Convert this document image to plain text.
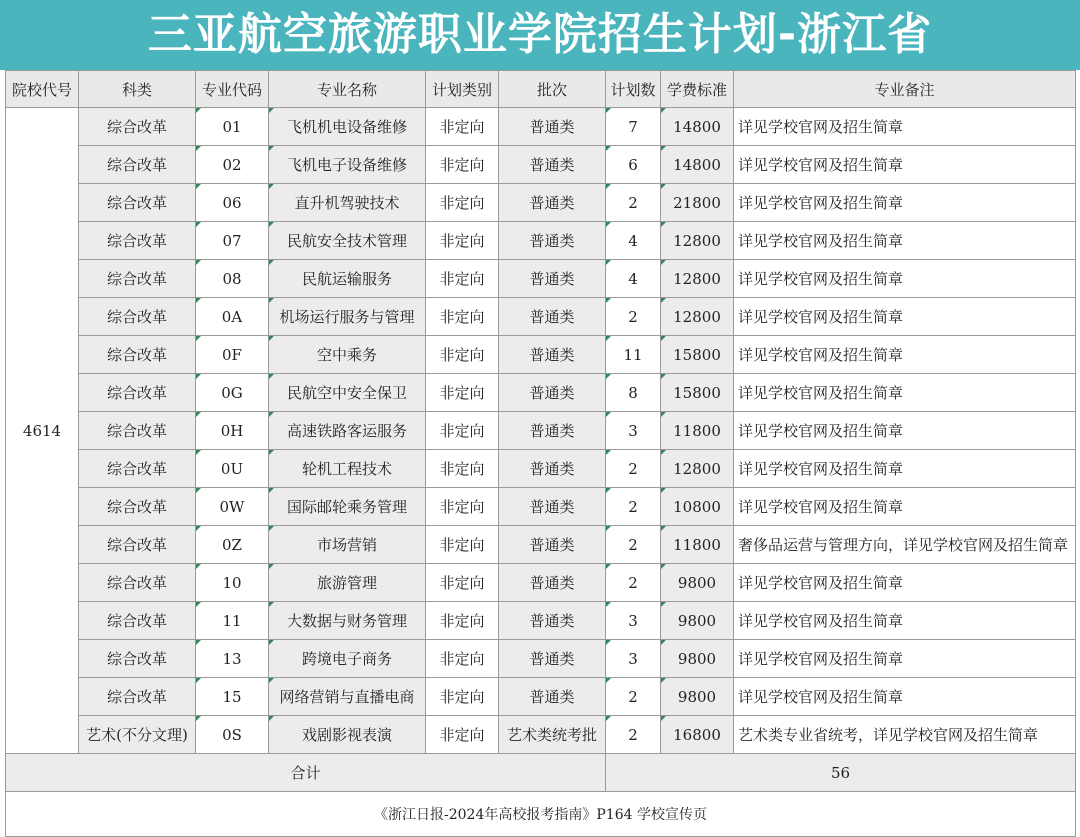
三亚航空旅游职业学院招生计划-浙江省
院校代号	科类	专业代码	专业名称	计划类别	批次	计划数	学费标准	专业备注
4614	综合改革	01	飞机机电设备维修	非定向	普通类	7	14800	详见学校官网及招生简章
	综合改革	02	飞机电子设备维修	非定向	普通类	6	14800	详见学校官网及招生简章
	综合改革	06	直升机驾驶技术	非定向	普通类	2	21800	详见学校官网及招生简章
	综合改革	07	民航安全技术管理	非定向	普通类	4	12800	详见学校官网及招生简章
	综合改革	08	民航运输服务	非定向	普通类	4	12800	详见学校官网及招生简章
	综合改革	0A	机场运行服务与管理	非定向	普通类	2	12800	详见学校官网及招生简章
	综合改革	0F	空中乘务	非定向	普通类	11	15800	详见学校官网及招生简章
	综合改革	0G	民航空中安全保卫	非定向	普通类	8	15800	详见学校官网及招生简章
	综合改革	0H	高速铁路客运服务	非定向	普通类	3	11800	详见学校官网及招生简章
	综合改革	0U	轮机工程技术	非定向	普通类	2	12800	详见学校官网及招生简章
	综合改革	0W	国际邮轮乘务管理	非定向	普通类	2	10800	详见学校官网及招生简章
	综合改革	0Z	市场营销	非定向	普通类	2	11800	奢侈品运营与管理方向，详见学校官网及招生简章
	综合改革	10	旅游管理	非定向	普通类	2	9800	详见学校官网及招生简章
	综合改革	11	大数据与财务管理	非定向	普通类	3	9800	详见学校官网及招生简章
	综合改革	13	跨境电子商务	非定向	普通类	3	9800	详见学校官网及招生简章
	综合改革	15	网络营销与直播电商	非定向	普通类	2	9800	详见学校官网及招生简章
	艺术(不分文理)	0S	戏剧影视表演	非定向	艺术类统考批	2	16800	艺术类专业省统考，详见学校官网及招生简章
合计						56		
《浙江日报-2024年高校报考指南》P164 学校宣传页								
